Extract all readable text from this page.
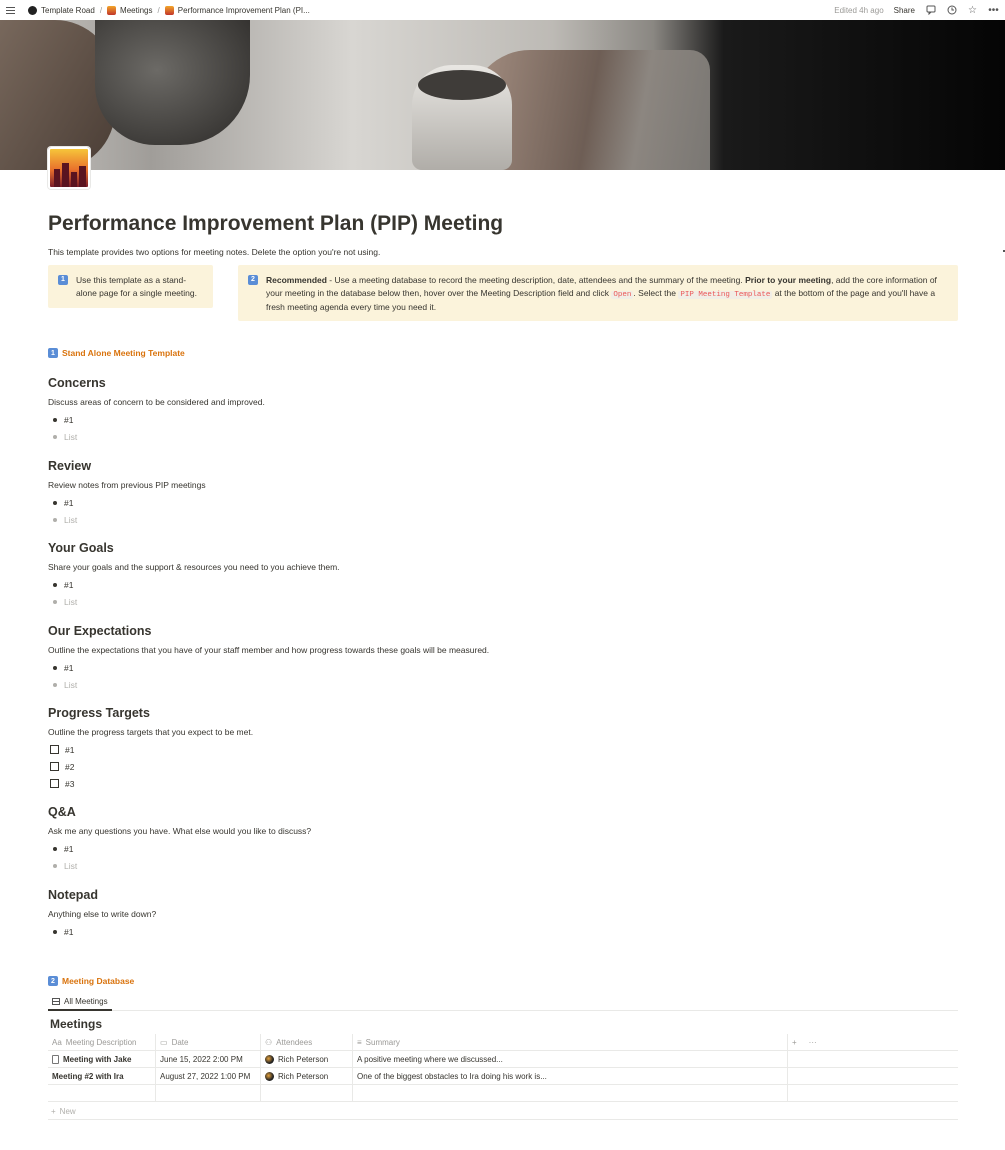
Template Road / Meetings / Performance Improvement Plan (PI...	Edited 4h ago Share	☆ •••
Performance Improvement Plan (PIP) Meeting

This template provides two options for meeting notes. Delete the option you're not using.

1	Use this template as a stand-alone page for a single meeting.
2	Recommended - Use a meeting database to record the meeting description, date, attendees and the summary of the meeting. Prior to your meeting, add the core information of your meeting in the database below then, hover over the Meeting Description field and click Open . Select the PIP Meeting Template at the bottom of the page and you'll have a fresh meeting agenda every time you need it.
1 Stand Alone Meeting Template
Concerns

Discuss areas of concern to be considered and improved.

#1
List
Review

Review notes from previous PIP meetings

#1
List
Your Goals

Share your goals and the support & resources you need to you achieve them.

#1
List
Our Expectations

Outline the expectations that you have of your staff member and how progress towards these goals will be measured.

#1
List
Progress Targets

Outline the progress targets that you expect to be met.

#1
#2
#3
Q&A

Ask me any questions you have. What else would you like to discuss?

#1
List
Notepad

Anything else to write down?

#1
2 Meeting Database
All Meetings
Meetings
Aa Meeting Description	▭ Date	⚇ Attendees	≡ Summary	+ ···
Meeting with Jake	June 15, 2022 2:00 PM	Rich Peterson	A positive meeting where we discussed...
Meeting #2 with Ira	August 27, 2022 1:00 PM	Rich Peterson	One of the biggest obstacles to Ira doing his work is...
+ New
